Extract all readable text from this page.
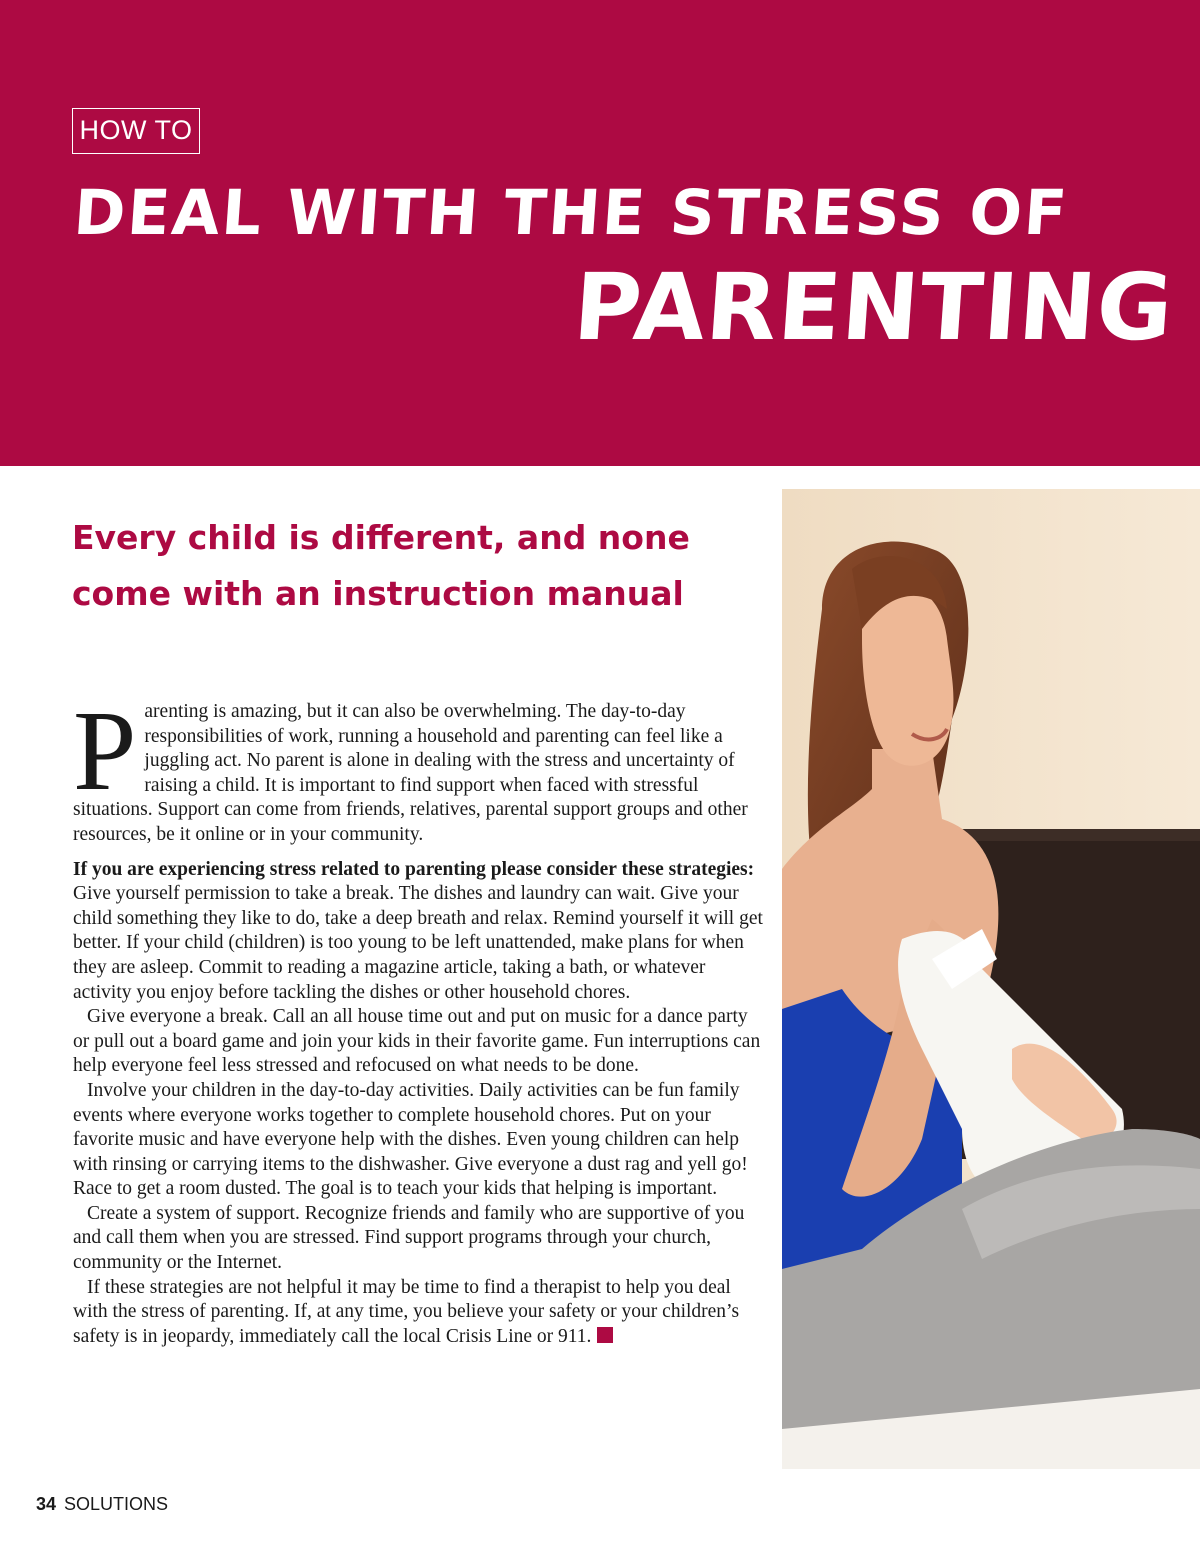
HOW TO
DEAL WITH THE STRESS OF
PARENTING
Every child is different, and none come with an instruction manual

Parenting is amazing, but it can also be overwhelming. The day-to-day responsibilities of work, running a household and parenting can feel like a juggling act. No parent is alone in dealing with the stress and uncertainty of raising a child. It is important to find support when faced with stressful situations. Support can come from friends, relatives, parental support groups and other resources, be it online or in your community.

If you are experiencing stress related to parenting please consider these strategies:

Give yourself permission to take a break. The dishes and laundry can wait. Give your child something they like to do, take a deep breath and relax. Remind yourself it will get better. If your child (children) is too young to be left unattended, make plans for when they are asleep. Commit to reading a magazine article, taking a bath, or whatever activity you enjoy before tackling the dishes or other household chores.

Give everyone a break. Call an all house time out and put on music for a dance party or pull out a board game and join your kids in their favorite game. Fun interruptions can help everyone feel less stressed and refocused on what needs to be done.

Involve your children in the day-to-day activities. Daily activities can be fun family events where everyone works together to complete household chores. Put on your favorite music and have everyone help with the dishes. Even young children can help with rinsing or carrying items to the dishwasher. Give everyone a dust rag and yell go! Race to get a room dusted. The goal is to teach your kids that helping is important.

Create a system of support. Recognize friends and family who are supportive of you and call them when you are stressed. Find support programs through your church, community or the Internet.

If these strategies are not helpful it may be time to find a therapist to help you deal with the stress of parenting. If, at any time, you believe your safety or your children’s safety is in jeopardy, immediately call the local Crisis Line or 911.

34 SOLUTIONS
